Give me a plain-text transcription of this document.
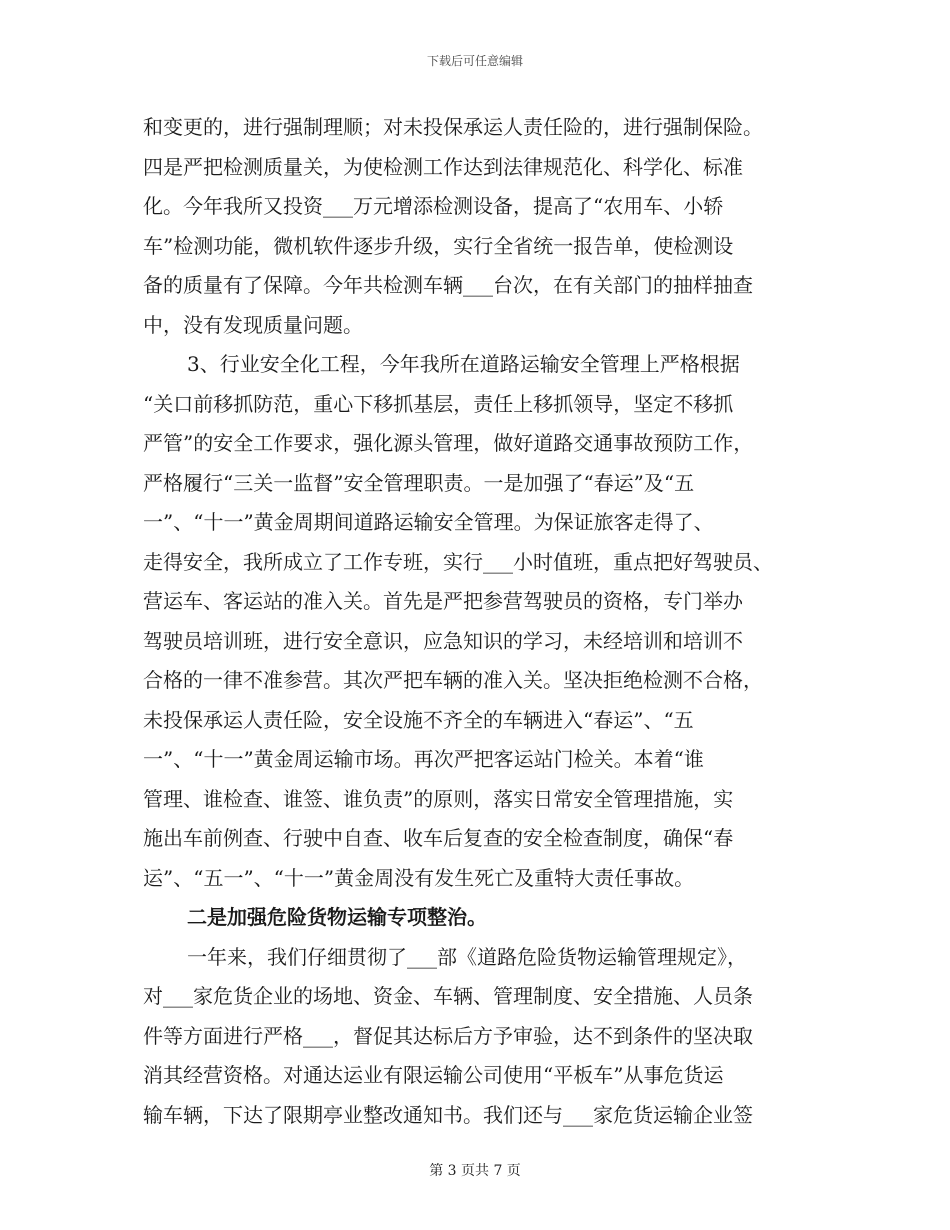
下载后可任意编辑
和变更的，进行强制理顺；对未投保承运人责任险的，进行强制保险。
四是严把检测质量关，为使检测工作达到法律规范化、科学化、标准
化。今年我所又投资___万元增添检测设备，提高了“农用车、小轿
车”检测功能，微机软件逐步升级，实行全省统一报告单，使检测设
备的质量有了保障。今年共检测车辆___台次，在有关部门的抽样抽查
中，没有发现质量问题。
3、行业安全化工程，今年我所在道路运输安全管理上严格根据
“关口前移抓防范，重心下移抓基层，责任上移抓领导，坚定不移抓
严管”的安全工作要求，强化源头管理，做好道路交通事故预防工作，
严格履行“三关一监督”安全管理职责。一是加强了“春运”及“五
一”、“十一”黄金周期间道路运输安全管理。为保证旅客走得了、
走得安全，我所成立了工作专班，实行___小时值班，重点把好驾驶员、
营运车、客运站的准入关。首先是严把参营驾驶员的资格，专门举办
驾驶员培训班，进行安全意识，应急知识的学习，未经培训和培训不
合格的一律不准参营。其次严把车辆的准入关。坚决拒绝检测不合格，
未投保承运人责任险，安全设施不齐全的车辆进入“春运”、“五
一”、“十一”黄金周运输市场。再次严把客运站门检关。本着“谁
管理、谁检查、谁签、谁负责”的原则，落实日常安全管理措施，实
施出车前例查、行驶中自查、收车后复查的安全检查制度，确保“春
运”、“五一”、“十一”黄金周没有发生死亡及重特大责任事故。
二是加强危险货物运输专项整治。
一年来，我们仔细贯彻了___部《道路危险货物运输管理规定》，
对___家危货企业的场地、资金、车辆、管理制度、安全措施、人员条
件等方面进行严格___，督促其达标后方予审验，达不到条件的坚决取
消其经营资格。对通达运业有限运输公司使用“平板车”从事危货运
输车辆，下达了限期亭业整改通知书。我们还与___家危货运输企业签
第 3 页共 7 页
